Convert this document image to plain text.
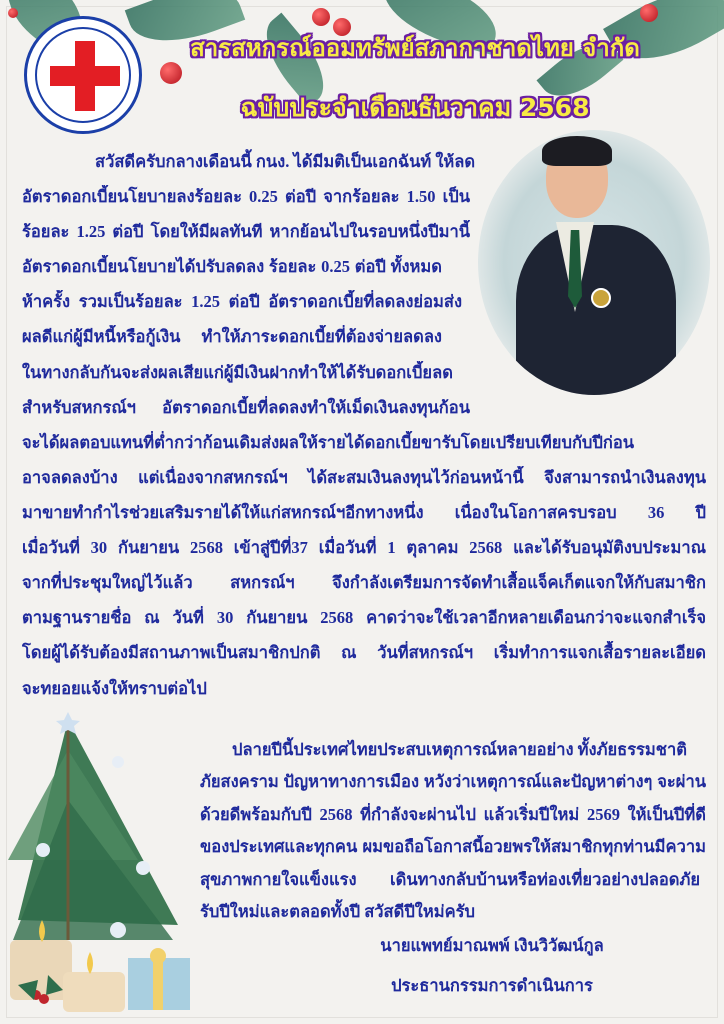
สารสหกรณ์ออมทรัพย์สภากาชาดไทย จำกัด
ฉบับประจำเดือนธันวาคม 2568
สวัสดีครับกลางเดือนนี้ กนง. ได้มีมติเป็นเอกฉันท์ ให้ลด
อัตราดอกเบี้ยนโยบายลงร้อยละ 0.25 ต่อปี จากร้อยละ 1.50 เป็น
ร้อยละ 1.25 ต่อปี โดยให้มีผลทันที หากย้อนไปในรอบหนึ่งปีมานี้
อัตราดอกเบี้ยนโยบายได้ปรับลดลง ร้อยละ 0.25 ต่อปี ทั้งหมด
ห้าครั้ง รวมเป็นร้อยละ 1.25 ต่อปี อัตราดอกเบี้ยที่ลดลงย่อมส่ง
ผลดีแก่ผู้มีหนี้หรือกู้เงิน ทำให้ภาระดอกเบี้ยที่ต้องจ่ายลดลง
ในทางกลับกันจะส่งผลเสียแก่ผู้มีเงินฝากทำให้ได้รับดอกเบี้ยลด
สำหรับสหกรณ์ฯ อัตราดอกเบี้ยที่ลดลงทำให้เม็ดเงินลงทุนก้อน
จะได้ผลตอบแทนที่ต่ำกว่าก้อนเดิมส่งผลให้รายได้ดอกเบี้ยขารับโดยเปรียบเทียบกับปีก่อน
อาจลดลงบ้าง แต่เนื่องจากสหกรณ์ฯ ได้สะสมเงินลงทุนไว้ก่อนหน้านี้ จึงสามารถนำเงินลงทุน
มาขายทำกำไรช่วยเสริมรายได้ให้แก่สหกรณ์ฯอีกทางหนึ่ง เนื่องในโอกาสครบรอบ 36 ปี
เมื่อวันที่ 30 กันยายน 2568 เข้าสู่ปีที่37 เมื่อวันที่ 1 ตุลาคม 2568 และได้รับอนุมัติงบประมาณ
จากที่ประชุมใหญ่ไว้แล้ว สหกรณ์ฯ จึงกำลังเตรียมการจัดทำเสื้อแจ็คเก็ตแจกให้กับสมาชิก
ตามฐานรายชื่อ ณ วันที่ 30 กันยายน 2568 คาดว่าจะใช้เวลาอีกหลายเดือนกว่าจะแจกสำเร็จ
โดยผู้ได้รับต้องมีสถานภาพเป็นสมาชิกปกติ ณ วันที่สหกรณ์ฯ เริ่มทำการแจกเสื้อรายละเอียด
จะทยอยแจ้งให้ทราบต่อไป
ปลายปีนี้ประเทศไทยประสบเหตุการณ์หลายอย่าง ทั้งภัยธรรมชาติ
ภัยสงคราม ปัญหาทางการเมือง หวังว่าเหตุการณ์และปัญหาต่างๆ จะผ่าน
ด้วยดีพร้อมกับปี 2568 ที่กำลังจะผ่านไป แล้วเริ่มปีใหม่ 2569 ให้เป็นปีที่ดี
ของประเทศและทุกคน ผมขอถือโอกาสนี้อวยพรให้สมาชิกทุกท่านมีความ
สุขภาพกายใจแข็งแรง เดินทางกลับบ้านหรือท่องเที่ยวอย่างปลอดภัย
รับปีใหม่และตลอดทั้งปี สวัสดีปีใหม่ครับ
นายแพทย์มาณพพ์ เงินวิวัฒน์กูล
ประธานกรรมการดำเนินการ
